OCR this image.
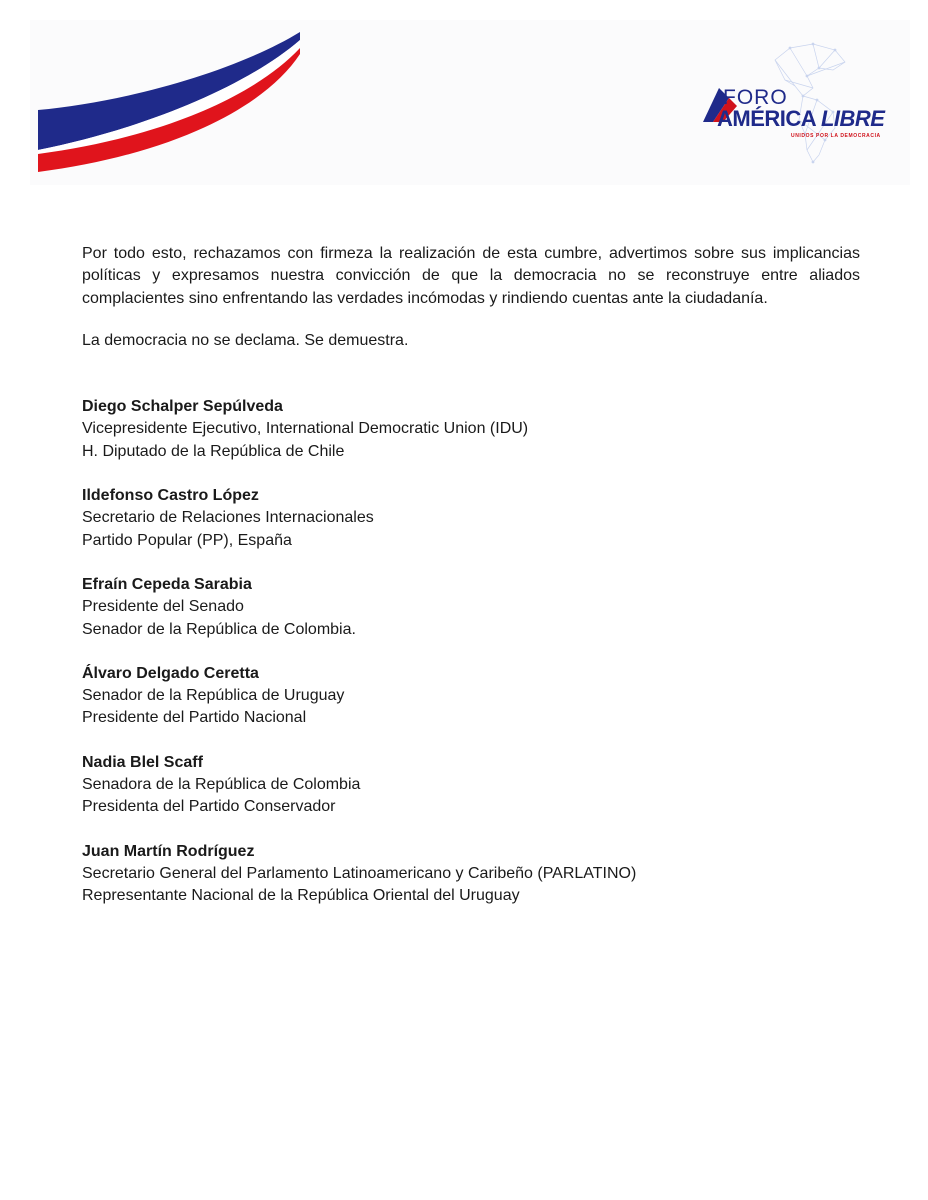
FORO
AMÉRICA LIBRE
UNIDOS POR LA DEMOCRACIA

Por todo esto, rechazamos con firmeza la realización de esta cumbre, advertimos sobre sus implicancias políticas y expresamos nuestra convicción de que la democracia no se reconstruye entre aliados complacientes sino enfrentando las verdades incómodas y rindiendo cuentas ante la ciudadanía.

La democracia no se declama. Se demuestra.

Diego Schalper Sepúlveda
Vicepresidente Ejecutivo, International Democratic Union (IDU)
H. Diputado de la República de Chile
Ildefonso Castro López
Secretario de Relaciones Internacionales
Partido Popular (PP), España
Efraín Cepeda Sarabia
Presidente del Senado
Senador de la República de Colombia.
Álvaro Delgado Ceretta
Senador de la República de Uruguay
Presidente del Partido Nacional
Nadia Blel Scaff
Senadora de la República de Colombia
Presidenta del Partido Conservador
Juan Martín Rodríguez
Secretario General del Parlamento Latinoamericano y Caribeño (PARLATINO)
Representante Nacional de la República Oriental del Uruguay
